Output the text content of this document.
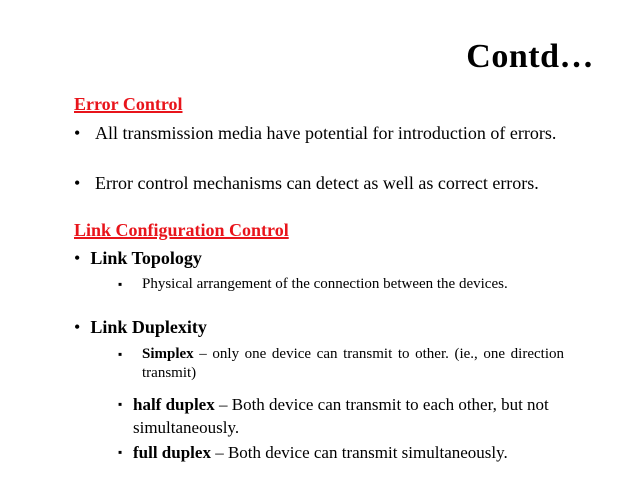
Contd…
Error Control
• All transmission media have potential for introduction of errors.
• Error control mechanisms can detect as well as correct errors.
Link Configuration Control
• Link Topology
▪ Physical arrangement of the connection between the devices.
• Link Duplexity
▪ Simplex – only one device can transmit to other. (ie., one direction transmit)
▪ half duplex – Both device can transmit to each other, but not simultaneously.
▪ full duplex – Both device can transmit simultaneously.
